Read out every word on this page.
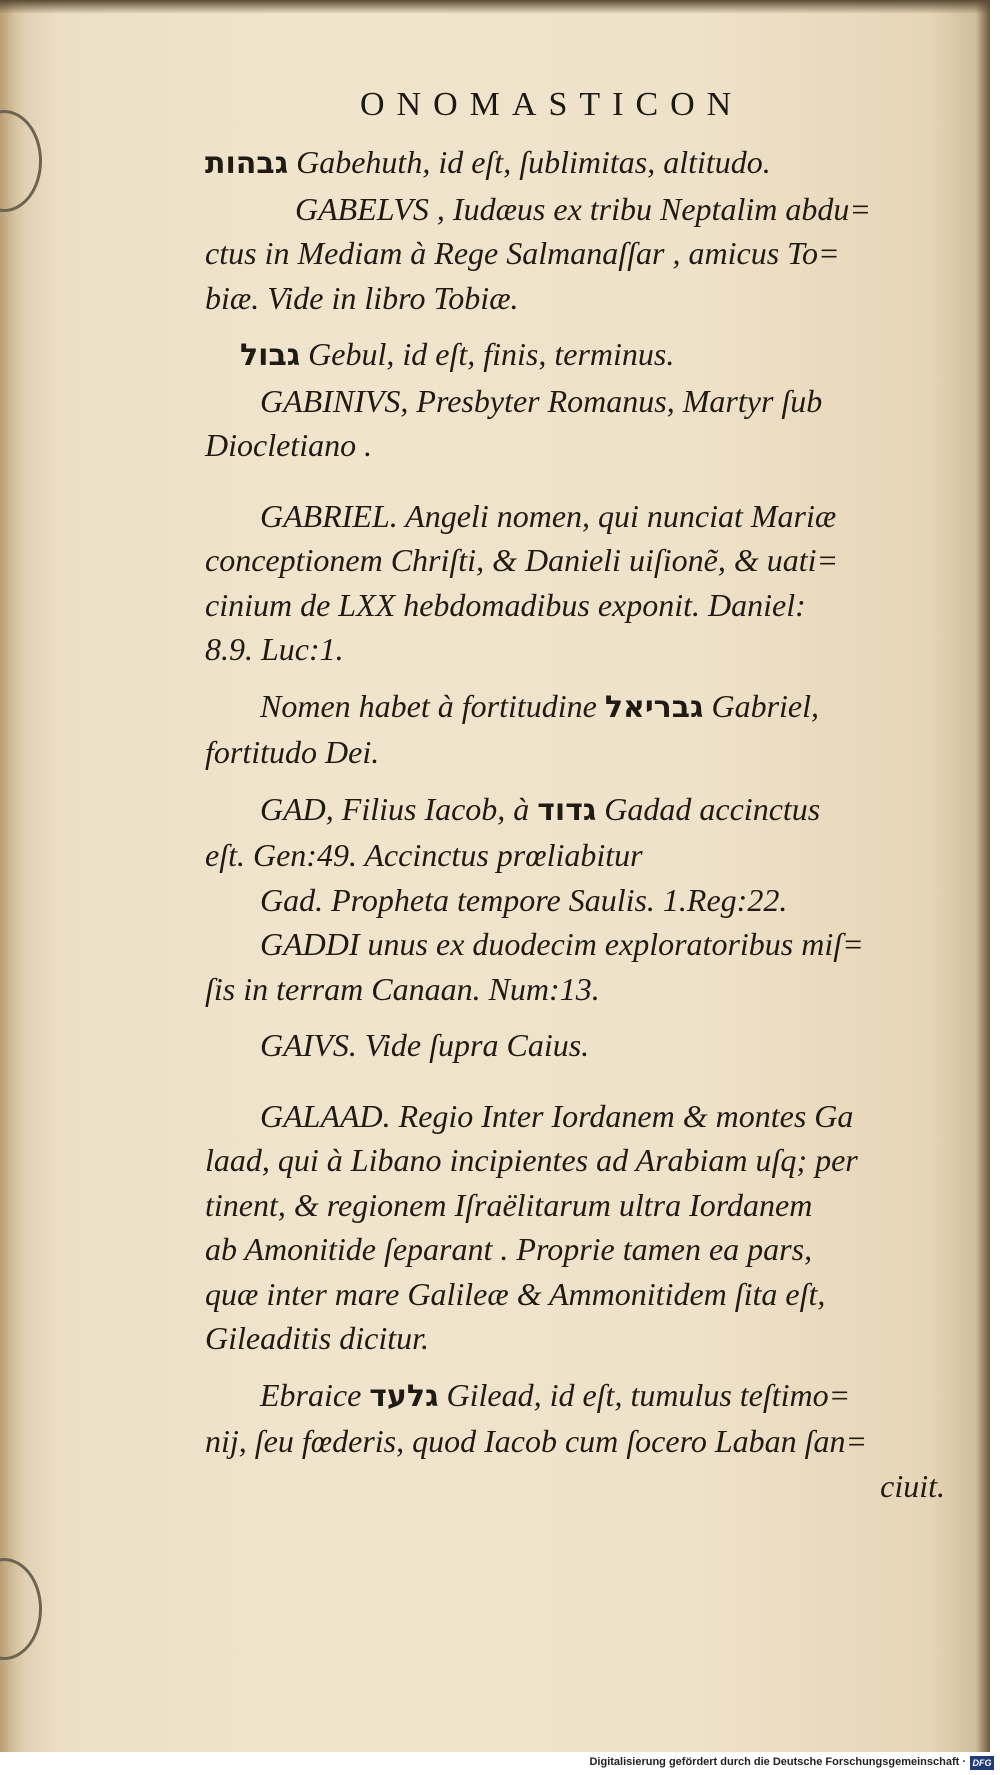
ONOMASTICON
גבהות Gabehuth, id eſt, ſublimitas, altitudo.
GABELVS , Iudæus ex tribu Neptalim abdu=
ctus in Mediam à Rege Salmanaſſar , amicus To=
biæ. Vide in libro Tobiæ.
גבול Gebul, id eſt, finis, terminus.
GABINIVS, Presbyter Romanus, Martyr ſub
Diocletiano .
GABRIEL. Angeli nomen, qui nunciat Mariæ
conceptionem Chriſti, & Danieli uiſionẽ, & uati=
cinium de LXX hebdomadibus exponit. Daniel:
8.9. Luc:1.
Nomen habet à fortitudine גבריאל Gabriel,
fortitudo Dei.
GAD, Filius Iacob, à גדוד Gadad accinctus
eſt. Gen:49. Accinctus prœliabitur
Gad. Propheta tempore Saulis. 1.Reg:22.
GADDI unus ex duodecim exploratoribus miſ=
ſis in terram Canaan. Num:13.
GAIVS. Vide ſupra Caius.
GALAAD. Regio Inter Iordanem & montes Ga
laad, qui à Libano incipientes ad Arabiam uſq; per
tinent, & regionem Iſraëlitarum ultra Iordanem
ab Amonitide ſeparant . Proprie tamen ea pars,
quæ inter mare Galileæ & Ammonitidem ſita eſt,
Gileaditis dicitur.
Ebraice גלעד Gilead, id eſt, tumulus teſtimo=
nij, ſeu fœderis, quod Iacob cum ſocero Laban ſan=
ciuit.
Digitalisierung gefördert durch die Deutsche Forschungsgemeinschaft · DFG
